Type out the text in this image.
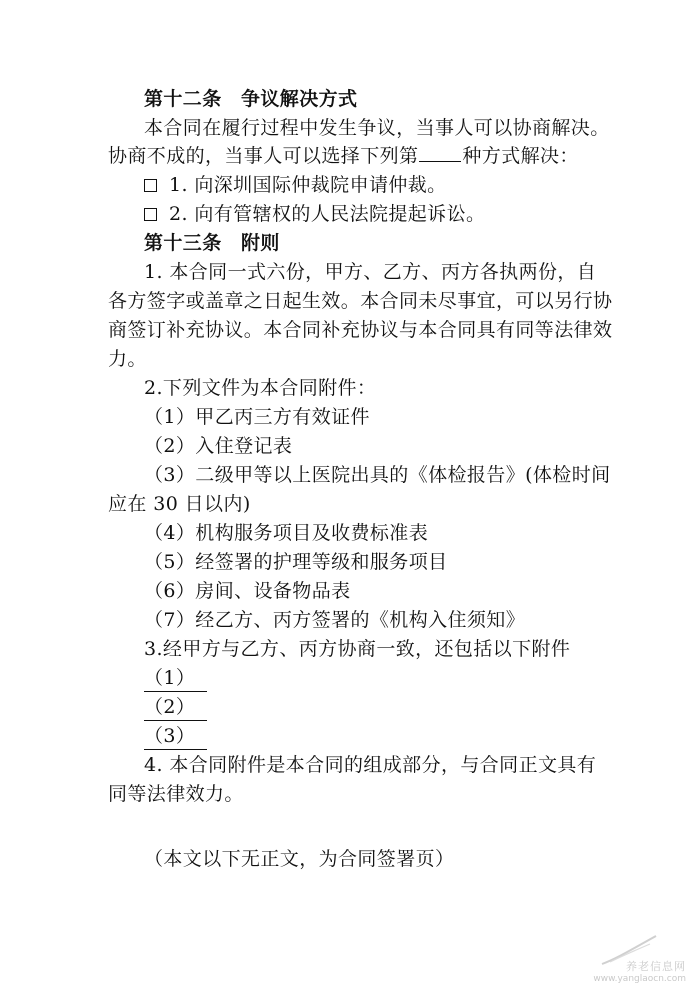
第十二条　争议解决方式
本合同在履行过程中发生争议，当事人可以协商解决。
协商不成的，当事人可以选择下列第 种方式解决：
1. 向深圳国际仲裁院申请仲裁。
2. 向有管辖权的人民法院提起诉讼。
第十三条　附则
1. 本合同一式六份，甲方、乙方、丙方各执两份，自
各方签字或盖章之日起生效。本合同未尽事宜，可以另行协
商签订补充协议。本合同补充协议与本合同具有同等法律效
力。
2.下列文件为本合同附件：
（1）甲乙丙三方有效证件
（2）入住登记表
（3）二级甲等以上医院出具的《体检报告》(体检时间
应在 30 日以内)
（4）机构服务项目及收费标准表
（5）经签署的护理等级和服务项目
（6）房间、设备物品表
（7）经乙方、丙方签署的《机构入住须知》
3.经甲方与乙方、丙方协商一致，还包括以下附件
（1）
（2）
（3）
4. 本合同附件是本合同的组成部分，与合同正文具有
同等法律效力。
（本文以下无正文，为合同签署页）
养老信息网
www.yanglaocn.com
